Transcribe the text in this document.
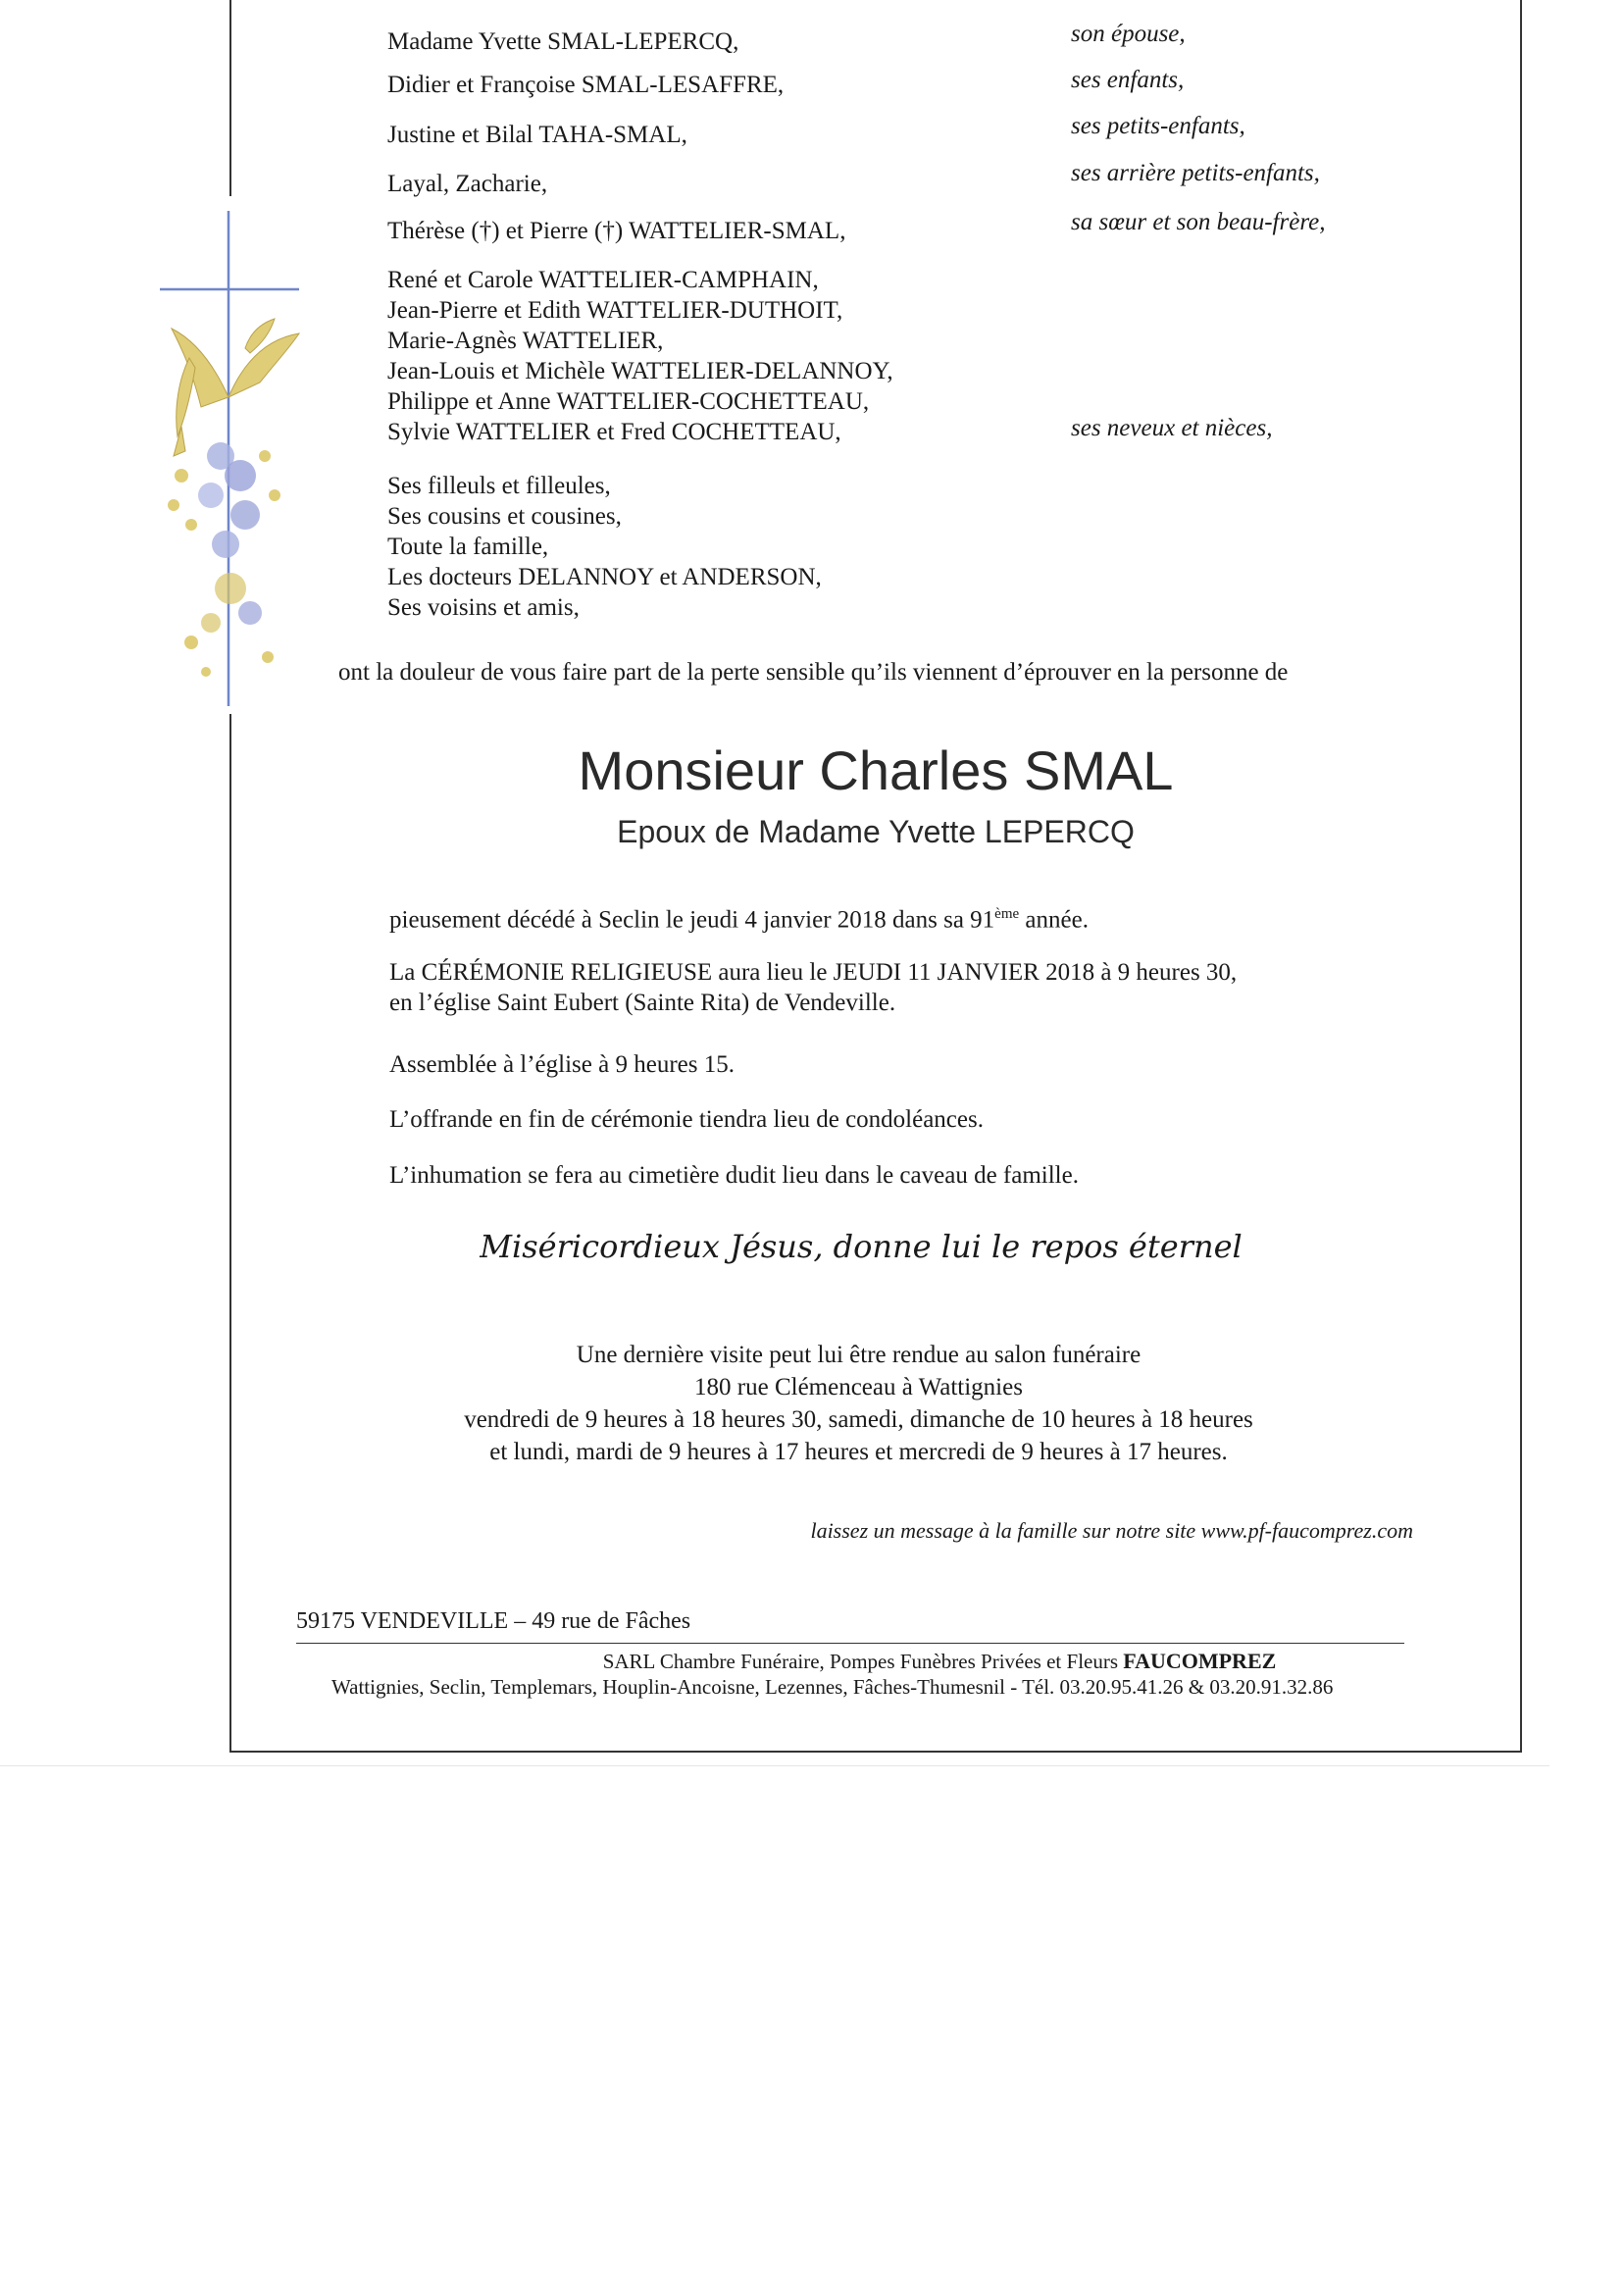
Madame Yvette SMAL-LEPERCQ,	son épouse,
Didier et Françoise SMAL-LESAFFRE,	ses enfants,
Justine et Bilal TAHA-SMAL,	ses petits-enfants,
Layal, Zacharie,	ses arrière petits-enfants,
Thérèse (†) et Pierre (†) WATTELIER-SMAL,	sa sœur et son beau-frère,
René et Carole WATTELIER-CAMPHAIN,
Jean-Pierre et Edith WATTELIER-DUTHOIT,
Marie-Agnès WATTELIER,
Jean-Louis et Michèle WATTELIER-DELANNOY,
Philippe et Anne WATTELIER-COCHETTEAU,
Sylvie WATTELIER et Fred COCHETTEAU,	ses neveux et nièces,
Ses filleuls et filleules,
Ses cousins et cousines,
Toute la famille,
Les docteurs DELANNOY et ANDERSON,
Ses voisins et amis,
ont la douleur de vous faire part de la perte sensible qu’ils viennent d’éprouver en la personne de
Monsieur Charles SMAL
Epoux de Madame Yvette LEPERCQ
pieusement décédé à Seclin le jeudi 4 janvier 2018 dans sa 91ème année.
La CÉRÉMONIE RELIGIEUSE aura lieu le JEUDI 11 JANVIER 2018 à 9 heures 30,
en l’église Saint Eubert (Sainte Rita) de Vendeville.
Assemblée à l’église à 9 heures 15.
L’offrande en fin de cérémonie tiendra lieu de condoléances.
L’inhumation se fera au cimetière dudit lieu dans le caveau de famille.
Miséricordieux Jésus, donne lui le repos éternel
Une dernière visite peut lui être rendue au salon funéraire
180 rue Clémenceau à Wattignies
vendredi de 9 heures à 18 heures 30, samedi, dimanche de 10 heures à 18 heures
et lundi, mardi de 9 heures à 17 heures et mercredi de 9 heures à 17 heures.
laissez un message à la famille sur notre site www.pf-faucomprez.com
59175 VENDEVILLE – 49 rue de Fâches
SARL Chambre Funéraire, Pompes Funèbres Privées et Fleurs FAUCOMPREZ
Wattignies, Seclin, Templemars, Houplin-Ancoisne, Lezennes, Fâches-Thumesnil - Tél. 03.20.95.41.26 & 03.20.91.32.86
